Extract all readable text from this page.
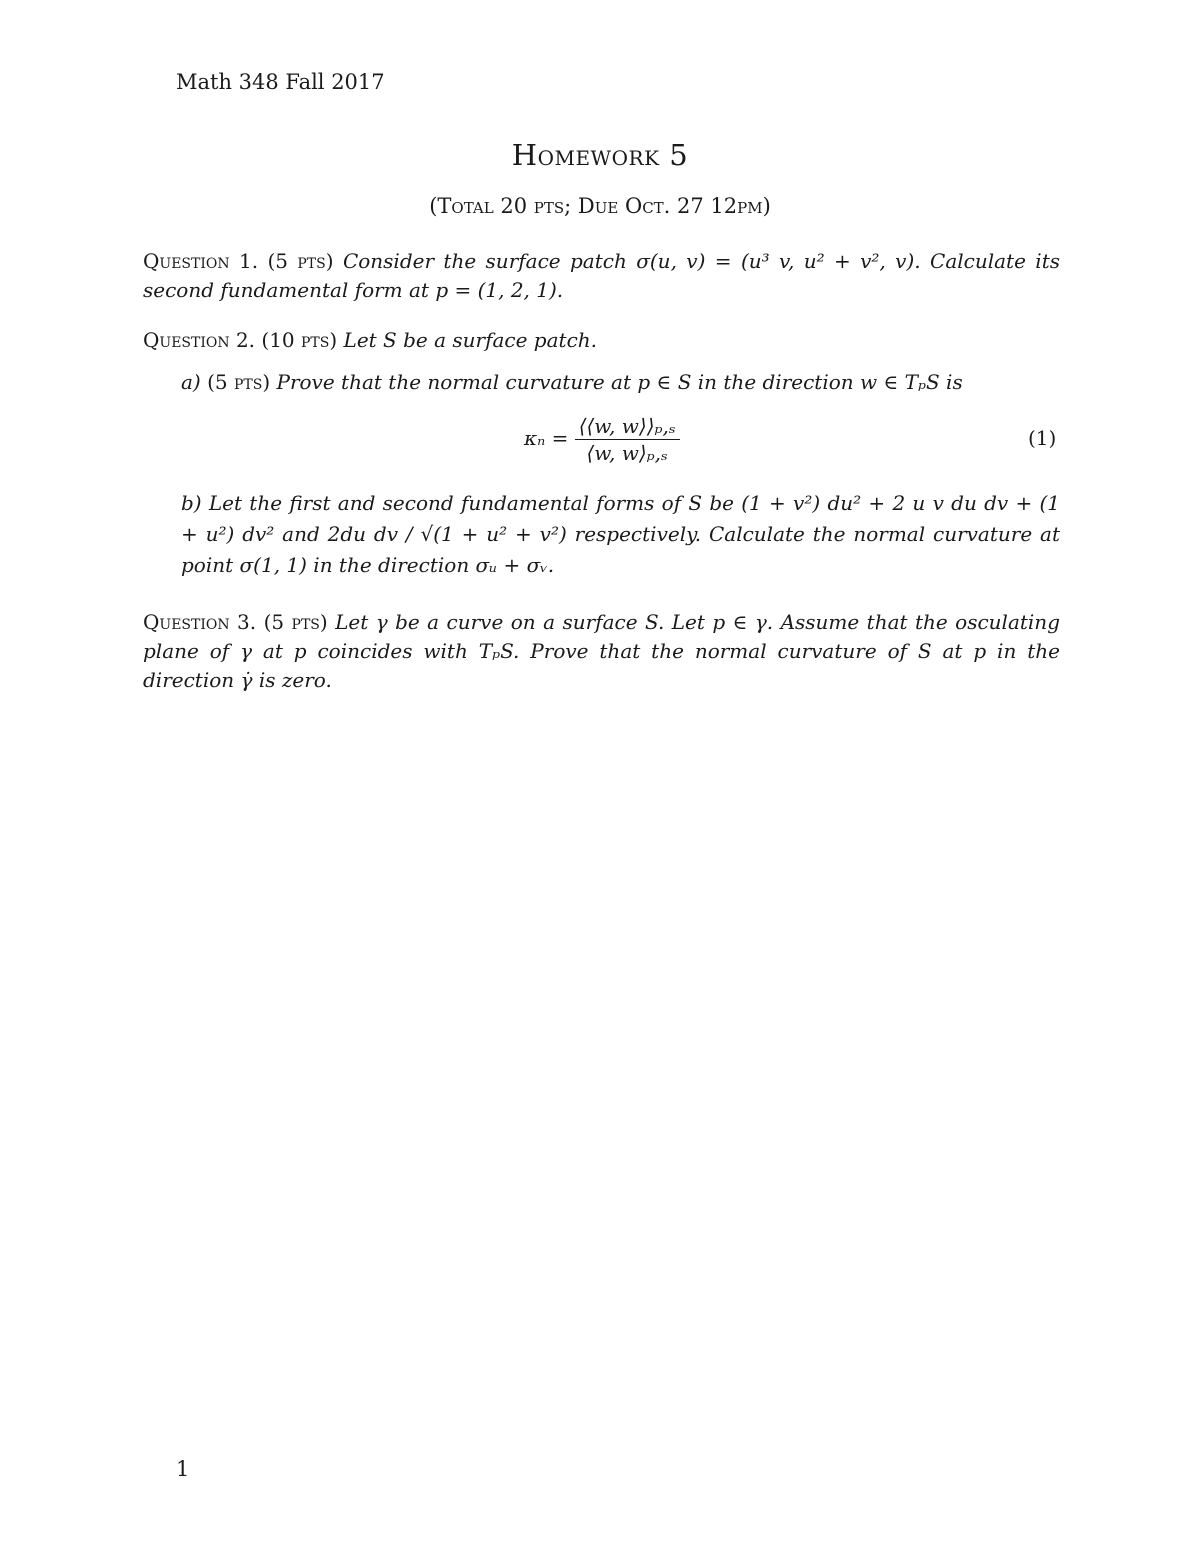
Math 348 Fall 2017
Homework 5
(Total 20 pts; Due Oct. 27 12pm)
Question 1. (5 pts) Consider the surface patch σ(u, v) = (u³ v, u² + v², v). Calculate its second fundamental form at p = (1, 2, 1).
Question 2. (10 pts) Let S be a surface patch.
a) (5 pts) Prove that the normal curvature at p ∈ S in the direction w ∈ TₚS is
$\kappa_n = \frac{\text{⟨⟨w, w⟩⟩ₚ,ₛ}}{\text{⟨w, w⟩ₚ,ₛ}}$	(1)
b) Let the first and second fundamental forms of S be (1 + v²) du² + 2 u v du dv + (1 + u²) dv² and 2du dv / √(1 + u² + v²) respectively. Calculate the normal curvature at point σ(1, 1) in the direction σᵤ + σᵥ.
Question 3. (5 pts) Let γ be a curve on a surface S. Let p ∈ γ. Assume that the osculating plane of γ at p coincides with TₚS. Prove that the normal curvature of S at p in the direction γ̇ is zero.
1
